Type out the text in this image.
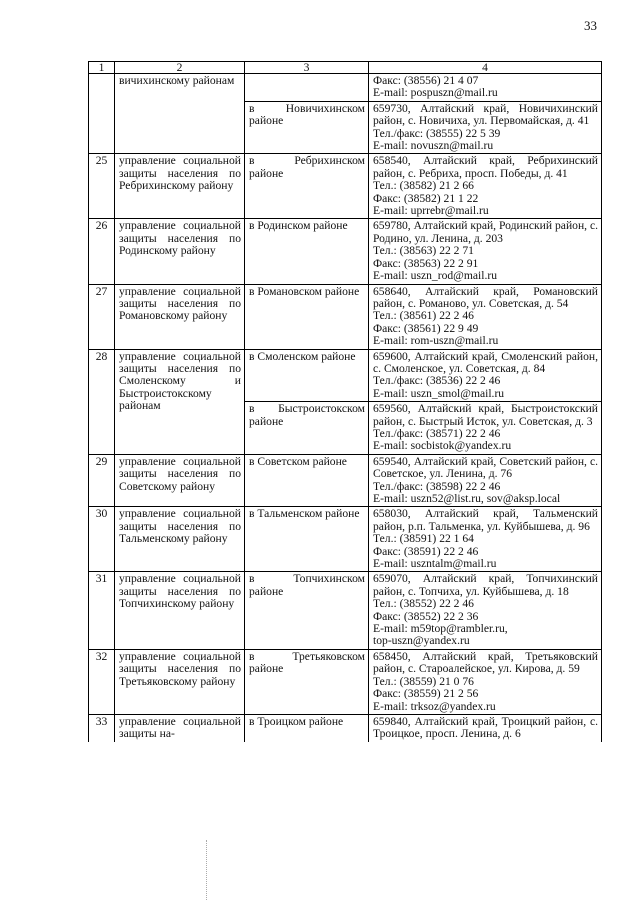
33
1	2	3	4
	вичихинскому районам		Факс: (38556) 21 4 07
E-mail: pospuszn@mail.ru

		в Новичихинском районе	659730, Алтайский край, Новичихинский район, с. Новичиха, ул. Первомайская, д. 41
Тел./факс: (38555) 22 5 39
E-mail: novuszn@mail.ru

25	управление социальной защиты населения по Ребрихинскому району	в Ребрихинском районе	658540, Алтайский край, Ребрихинский район, с. Ребриха, просп. Победы, д. 41
Тел.: (38582) 21 2 66
Факс: (38582) 21 1 22
E-mail: uprrebr@mail.ru

26	управление социальной защиты населения по Родинскому району	в Родинском районе	659780, Алтайский край, Родинский район, с. Родино, ул. Ленина, д. 203
Тел.: (38563) 22 2 71
Факс: (38563) 22 2 91
E-mail: uszn_rod@mail.ru

27	управление социальной защиты населения по Романовскому району	в Романовском районе	658640, Алтайский край, Романовский район, с. Романово, ул. Советская, д. 54
Тел.: (38561) 22 2 46
Факс: (38561) 22 9 49
E-mail: rom-uszn@mail.ru

28	управление социальной защиты населения по Смоленскому и Быстроистокскому районам	в Смоленском районе	659600, Алтайский край, Смоленский район, с. Смоленское, ул. Советская, д. 84
Тел./факс: (38536) 22 2 46
E-mail: uszn_smol@mail.ru

		в Быстроистокском районе	659560, Алтайский край, Быстроистокский район, с. Быстрый Исток, ул. Советская, д. 3
Тел./факс: (38571) 22 2 46
E-mail: socbistok@yandex.ru

29	управление социальной защиты населения по Советскому району	в Советском районе	659540, Алтайский край, Советский район, с. Советское, ул. Ленина, д. 76
Тел./факс: (38598) 22 2 46
E-mail: uszn52@list.ru, sov@aksp.local

30	управление социальной защиты населения по Тальменскому району	в Тальменском районе	658030, Алтайский край, Тальменский район, р.п. Тальменка, ул. Куйбышева, д. 96
Тел.: (38591) 22 1 64
Факс: (38591) 22 2 46
E-mail: uszntalm@mail.ru

31	управление социальной защиты населения по Топчихинскому району	в Топчихинском районе	659070, Алтайский край, Топчихинский район, с. Топчиха, ул. Куйбышева, д. 18
Тел.: (38552) 22 2 46
Факс: (38552) 22 2 36
E-mail: m59top@rambler.ru,
top-uszn@yandex.ru

32	управление социальной защиты населения по Третьяковскому району	в Третьяковском районе	658450, Алтайский край, Третьяковский район, с. Староалейское, ул. Кирова, д. 59
Тел.: (38559) 21 0 76
Факс: (38559) 21 2 56
E-mail: trksoz@yandex.ru

33	управление социальной защиты на-	в Троицком районе	659840, Алтайский край, Троицкий район, с. Троицкое, просп. Ленина, д. 6
